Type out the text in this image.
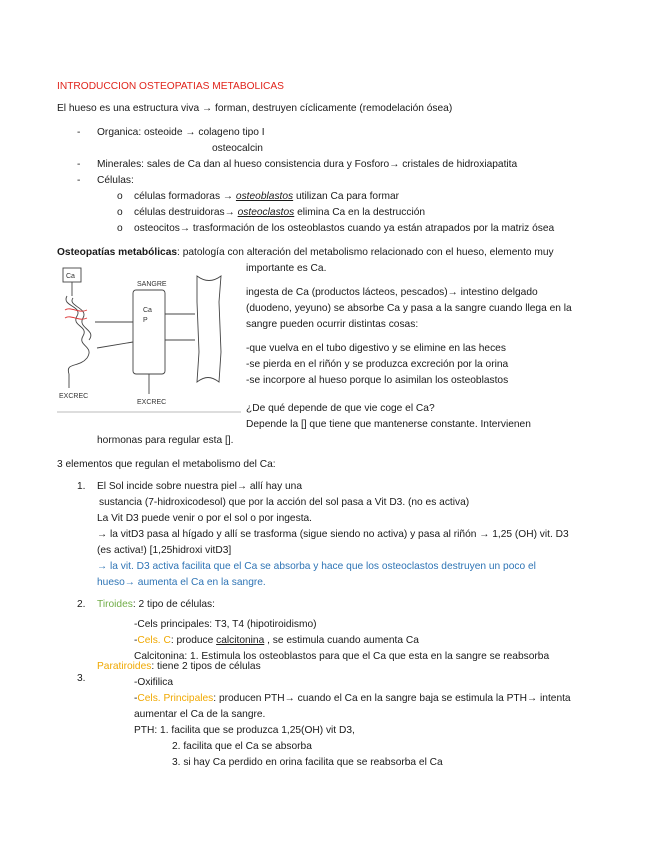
INTRODUCCION OSTEOPATIAS METABOLICAS
El hueso es una estructura viva → forman, destruyen cíclicamente (remodelación ósea)
- Organica: osteoide → colageno tipo I
osteocalcin
- Minerales: sales de Ca dan al hueso consistencia dura y Fosforo→ cristales de hidroxiapatita
- Células:
o células formadoras → osteoblastos utilizan Ca para formar
o células destruidoras→ osteoclastos elimina Ca en la destrucción
o osteocitos→ trasformación de los osteoblastos cuando ya están atrapados por la matriz ósea
Osteopatías metabólicas: patología con alteración del metabolismo relacionado con el hueso, elemento muy
importante es Ca.
Ca
SANGRE
Ca
P
EXCREC
EXCREC
ingesta de Ca (productos lácteos, pescados)→ intestino delgado
(duodeno, yeyuno) se absorbe Ca y pasa a la sangre cuando llega en la
sangre pueden ocurrir distintas cosas:
-que vuelva en el tubo digestivo y se elimine en las heces
-se pierda en el riñón y se produzca excreción por la orina
-se incorpore al hueso porque lo asimilan los osteoblastos
¿De qué depende de que vie coge el Ca?
Depende la [] que tiene que mantenerse constante. Intervienen
hormonas para regular esta [].
3 elementos que regulan el metabolismo del Ca:
1. El Sol incide sobre nuestra piel→ allí hay una
sustancia (7-hidroxicodesol) que por la acción del sol pasa a Vit D3. (no es activa)
La Vit D3 puede venir o por el sol o por ingesta.
→ la vitD3 pasa al hígado y allí se trasforma (sigue siendo no activa) y pasa al riñón → 1,25 (OH) vit. D3
(es activa!) [1,25hidroxi vitD3]
→ la vit. D3 activa facilita que el Ca se absorba y hace que los osteoclastos destruyen un poco el
hueso→ aumenta el Ca en la sangre.
2. Tiroides: 2 tipo de células:
-Cels principales: T3, T4 (hipotiroidismo)
-Cels. C: produce calcitonina , se estimula cuando aumenta Ca
Calcitonina: 1. Estimula los osteoblastos para que el Ca que esta en la sangre se reabsorba
3.
Paratiroides: tiene 2 tipos de células
-Oxifilica
-Cels. Principales: producen PTH→ cuando el Ca en la sangre baja se estimula la PTH→ intenta
aumentar el Ca de la sangre.
PTH: 1. facilita que se produzca 1,25(OH) vit D3,
2. facilita que el Ca se absorba
3. si hay Ca perdido en orina facilita que se reabsorba el Ca
